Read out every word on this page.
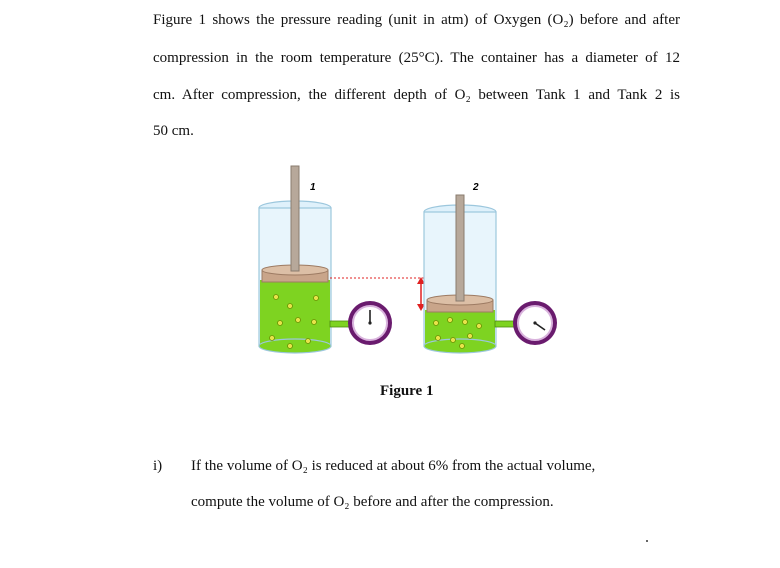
Figure 1 shows the pressure reading (unit in atm) of Oxygen (O₂) before and after
compression in the room temperature (25°C). The container has a diameter of 12
cm. After compression, the different depth of O₂ between Tank 1 and Tank 2 is
50 cm.
1	2
Figure 1
i) If the volume of O₂ is reduced at about 6% from the actual volume,
compute the volume of O₂ before and after the compression.
